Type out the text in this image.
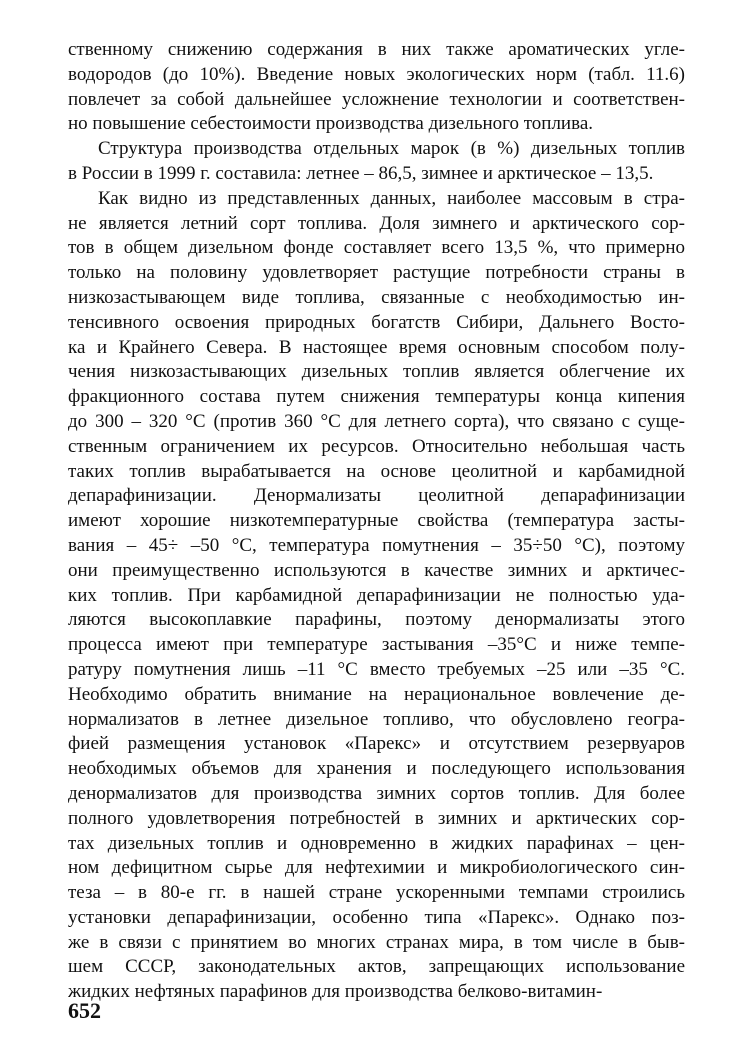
ственному снижению содержания в них также ароматических угле-
водородов (до 10%). Введение новых экологических норм (табл. 11.6)
повлечет за собой дальнейшее усложнение технологии и соответствен-
но повышение себестоимости производства дизельного топлива.
Структура производства отдельных марок (в %) дизельных топлив
в России в 1999 г. составила: летнее – 86,5, зимнее и арктическое – 13,5.
Как видно из представленных данных, наиболее массовым в стра-
не является летний сорт топлива. Доля зимнего и арктического сор-
тов в общем дизельном фонде составляет всего 13,5 %, что примерно
только на половину удовлетворяет растущие потребности страны в
низкозастывающем виде топлива, связанные с необходимостью ин-
тенсивного освоения природных богатств Сибири, Дальнего Восто-
ка и Крайнего Севера. В настоящее время основным способом полу-
чения низкозастывающих дизельных топлив является облегчение их
фракционного состава путем снижения температуры конца кипения
до 300 – 320 °С (против 360 °С для летнего сорта), что связано с суще-
ственным ограничением их ресурсов. Относительно небольшая часть
таких топлив вырабатывается на основе цеолитной и карбамидной
депарафинизации. Денормализаты цеолитной депарафинизации
имеют хорошие низкотемпературные свойства (температура засты-
вания – 45÷ –50 °С, температура помутнения – 35÷50 °С), поэтому
они преимущественно используются в качестве зимних и арктичес-
ких топлив. При карбамидной депарафинизации не полностью уда-
ляются высокоплавкие парафины, поэтому денормализаты этого
процесса имеют при температуре застывания –35°С и ниже темпе-
ратуру помутнения лишь –11 °С вместо требуемых –25 или –35 °С.
Необходимо обратить внимание на нерациональное вовлечение де-
нормализатов в летнее дизельное топливо, что обусловлено геогра-
фией размещения установок «Парекс» и отсутствием резервуаров
необходимых объемов для хранения и последующего использования
денормализатов для производства зимних сортов топлив. Для более
полного удовлетворения потребностей в зимних и арктических сор-
тах дизельных топлив и одновременно в жидких парафинах – цен-
ном дефицитном сырье для нефтехимии и микробиологического син-
теза – в 80-е гг. в нашей стране ускоренными темпами строились
установки депарафинизации, особенно типа «Парекс». Однако поз-
же в связи с принятием во многих странах мира, в том числе в быв-
шем СССР, законодательных актов, запрещающих использование
жидких нефтяных парафинов для производства белково-витамин-
652
